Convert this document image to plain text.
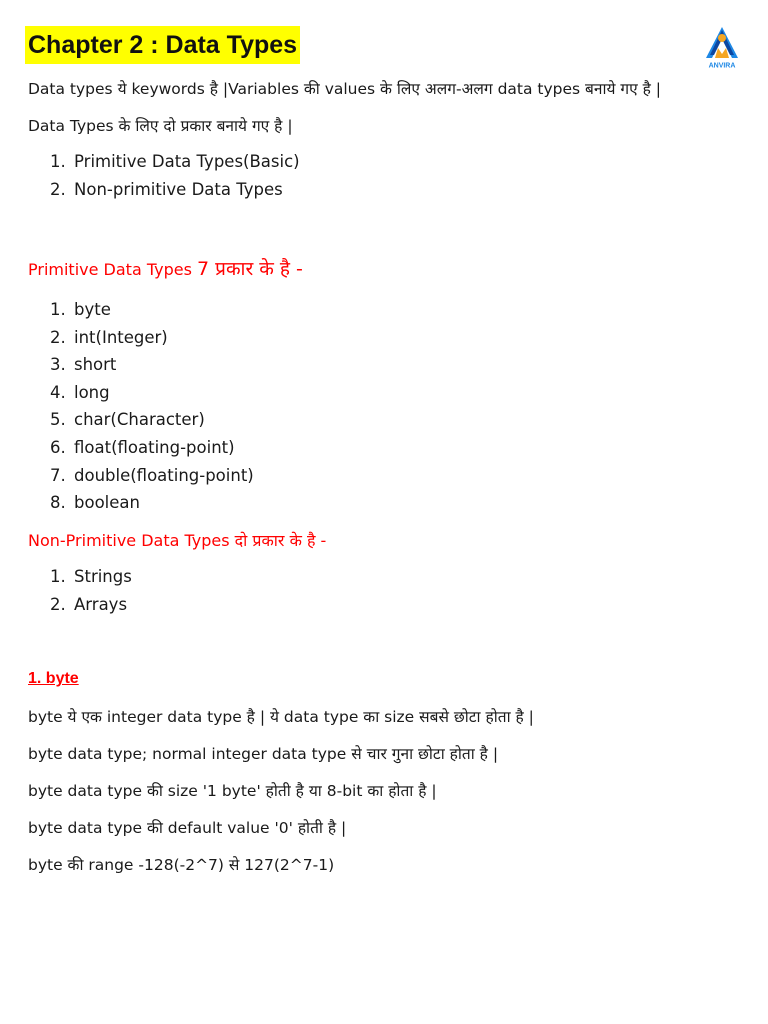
Chapter 2 : Data Types
ANVIRA
Data types ये keywords है |Variables की values के लिए अलग-अलग data types बनाये गए है |
Data Types के लिए दो प्रकार बनाये गए है |
1. Primitive Data Types(Basic)
2. Non-primitive Data Types
Primitive Data Types 7 प्रकार के है -
1. byte
2. int(Integer)
3. short
4. long
5. char(Character)
6. float(floating-point)
7. double(floating-point)
8. boolean
Non-Primitive Data Types दो प्रकार के है -
1. Strings
2. Arrays
1. byte
byte ये एक integer data type है | ये data type का size सबसे छोटा होता है |
byte data type; normal integer data type से चार गुना छोटा होता है |
byte data type की size '1 byte' होती है या 8-bit का होता है |
byte data type की default value '0' होती है |
byte की range -128(-2^7) से 127(2^7-1)
